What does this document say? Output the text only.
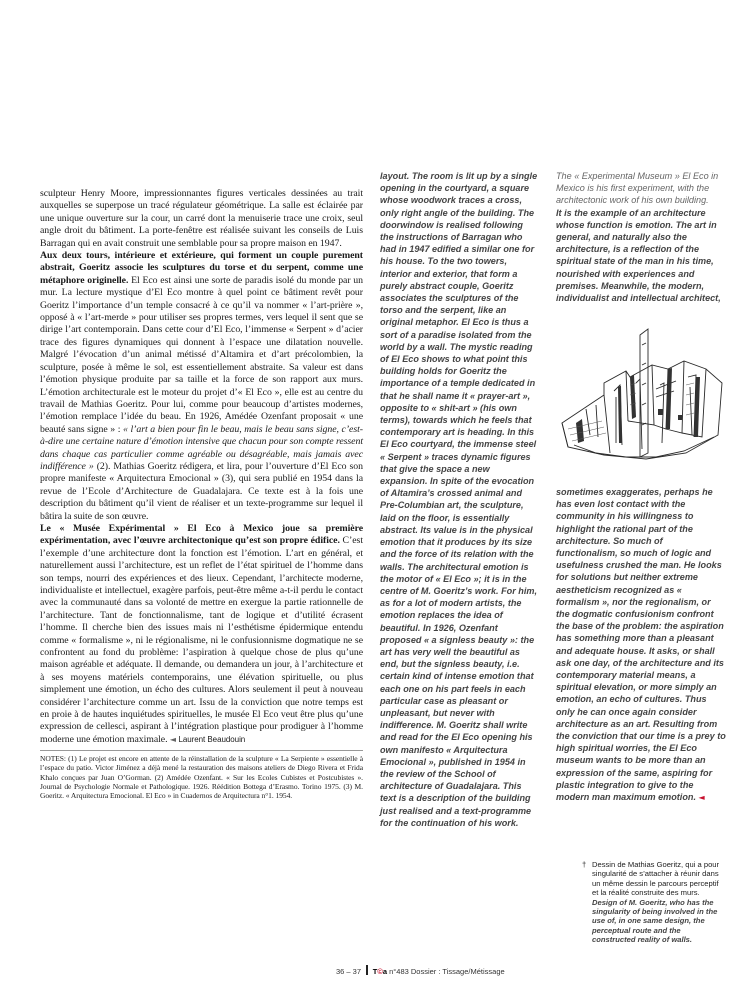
sculpteur Henry Moore, impressionnantes figures verticales dessinées au trait auxquelles se superpose un tracé régulateur géométrique. La salle est éclairée par une unique ouverture sur la cour, un carré dont la menuiserie trace une croix, seul angle droit du bâtiment. La porte-fenêtre est réalisée suivant les conseils de Luis Barragan qui en avait construit une semblable pour sa propre maison en 1947.

Aux deux tours, intérieure et extérieure, qui forment un couple purement abstrait, Goeritz associe les sculptures du torse et du serpent, comme une métaphore originelle. El Eco est ainsi une sorte de paradis isolé du monde par un mur. La lecture mystique d’El Eco montre à quel point ce bâtiment revêt pour Goeritz l’importance d’un temple consacré à ce qu’il va nommer « l’art-prière », opposé à « l’art-merde » pour utiliser ses propres termes, vers lequel il sent que se dirige l’art contemporain. Dans cette cour d’El Eco, l’immense « Serpent » d’acier trace des figures dynamiques qui donnent à l’espace une dilatation nouvelle. Malgré l’évocation d’un animal métissé d’Altamira et d’art précolombien, la sculpture, posée à même le sol, est essentiellement abstraite. Sa valeur est dans l’émotion physique produite par sa taille et la force de son rapport aux murs. L’émotion architecturale est le moteur du projet d’« El Eco », elle est au centre du travail de Mathias Goeritz. Pour lui, comme pour beaucoup d’artistes modernes, l’émotion remplace l’idée du beau. En 1926, Amédée Ozenfant proposait « une beauté sans signe » : « l’art a bien pour fin le beau, mais le beau sans signe, c’est-à-dire une certaine nature d’émotion intensive que chacun pour son compte ressent dans chaque cas particulier comme agréable ou désagréable, mais jamais avec indifférence » (2). Mathias Goeritz rédigera, et lira, pour l’ouverture d’El Eco son propre manifeste « Arquitectura Emocional » (3), qui sera publié en 1954 dans la revue de l’Ecole d’Architecture de Guadalajara. Ce texte est à la fois une description du bâtiment qu’il vient de réaliser et un texte-programme sur lequel il bâtira la suite de son œuvre.

Le « Musée Expérimental » El Eco à Mexico joue sa première expérimentation, avec l’œuvre architectonique qu’est son propre édifice. C’est l’exemple d’une architecture dont la fonction est l’émotion. L’art en général, et naturellement aussi l’architecture, est un reflet de l’état spirituel de l’homme dans son temps, nourri des expériences et des lieux. Cependant, l’architecte moderne, individualiste et intellectuel, exagère parfois, peut-être même a-t-il perdu le contact avec la communauté dans sa volonté de mettre en exergue la partie rationnelle de l’architecture. Tant de fonctionnalisme, tant de logique et d’utilité écrasent l’homme. Il cherche bien des issues mais ni l’esthétisme épidermique entendu comme « formalisme », ni le régionalisme, ni le confusionnisme dogmatique ne se confrontent au fond du problème: l’aspiration à quelque chose de plus qu’une maison agréable et adéquate. Il demande, ou demandera un jour, à l’architecture et à ses moyens matériels contemporains, une élévation spirituelle, ou plus simplement une émotion, un écho des cultures. Alors seulement il peut à nouveau considérer l’architecture comme un art. Issu de la conviction que notre temps est en proie à de hautes inquiétudes spirituelles, le musée El Eco veut être plus qu’une expression de cellesci, aspirant à l’intégration plastique pour prodiguer à l’homme moderne une émotion maximale. ◄ Laurent Beaudouin

NOTES: (1) Le projet est encore en attente de la réinstallation de la sculpture « La Serpiente » essentielle à l’espace du patio. Victor Jiménez a déjà mené la restauration des maisons ateliers de Diego Rivera et Frida Khalo conçues par Juan O’Gorman. (2) Amédée Ozenfant. « Sur les Ecoles Cubistes et Postcubistes ». Journal de Psychologie Normale et Pathologique. 1926. Réédition Bottega d’Erasmo. Torino 1975. (3) M. Goeritz. « Arquitectura Emocional. El Eco » in Cuadernos de Arquitectura n°1. 1954.

layout. The room is lit up by a single opening in the courtyard, a square whose woodwork traces a cross, only right angle of the building. The doorwindow is realised following the instructions of Barragan who had in 1947 edified a similar one for his house. To the two towers, interior and exterior, that form a purely abstract couple, Goeritz associates the sculptures of the torso and the serpent, like an original metaphor. El Eco is thus a sort of a paradise isolated from the world by a wall. The mystic reading of El Eco shows to what point this building holds for Goeritz the importance of a temple dedicated in that he shall name it « prayer-art », opposite to « shit-art » (his own terms), towards which he feels that contemporary art is heading. In this El Eco courtyard, the immense steel « Serpent » traces dynamic figures that give the space a new expansion. In spite of the evocation of Altamira’s crossed animal and Pre-Columbian art, the sculpture, laid on the floor, is essentially abstract. Its value is in the physical emotion that it produces by its size and the force of its relation with the walls. The architectural emotion is the motor of « El Eco »; it is in the centre of M. Goeritz’s work. For him, as for a lot of modern artists, the emotion replaces the idea of beautiful. In 1926, Ozenfant proposed « a signless beauty »: the art has very well the beautiful as end, but the signless beauty, i.e. certain kind of intense emotion that each one on his part feels in each particular case as pleasant or unpleasant, but never with indifference. M. Goeritz shall write and read for the El Eco opening his own manifesto « Arquitectura Emocional », published in 1954 in the review of the School of architecture of Guadalajara. This text is a description of the building just realised and a text-programme for the continuation of his work.

The « Experimental Museum » El Eco in Mexico is his first experiment, with the architectonic work of his own building.

It is the example of an architecture whose function is emotion. The art in general, and naturally also the architecture, is a reflection of the spiritual state of the man in his time, nourished with experiences and premises. Meanwhile, the modern, individualist and intellectual architect,

sometimes exaggerates, perhaps he has even lost contact with the community in his willingness to highlight the rational part of the architecture. So much of functionalism, so much of logic and usefulness crushed the man. He looks for solutions but neither extreme aestheticism recognized as « formalism », nor the regionalism, or the dogmatic confusionism confront the base of the problem: the aspiration has something more than a pleasant and adequate house. It asks, or shall ask one day, of the architecture and its contemporary material means, a spiritual elevation, or more simply an emotion, an echo of cultures. Thus only he can once again consider architecture as an art. Resulting from the conviction that our time is a prey to high spiritual worries, the El Eco museum wants to be more than an expression of the same, aspiring for plastic integration to give to the modern man maximum emotion. ◄

† Dessin de Mathias Goeritz, qui a pour singularité de s’attacher à réunir dans un même dessin le parcours perceptif et la réalité construite des murs.

Design of M. Goeritz, who has the singularity of being involved in the use of, in one same design, the perceptual route and the constructed reality of walls.

36 – 37 T©a n°483 Dossier : Tissage/Métissage
